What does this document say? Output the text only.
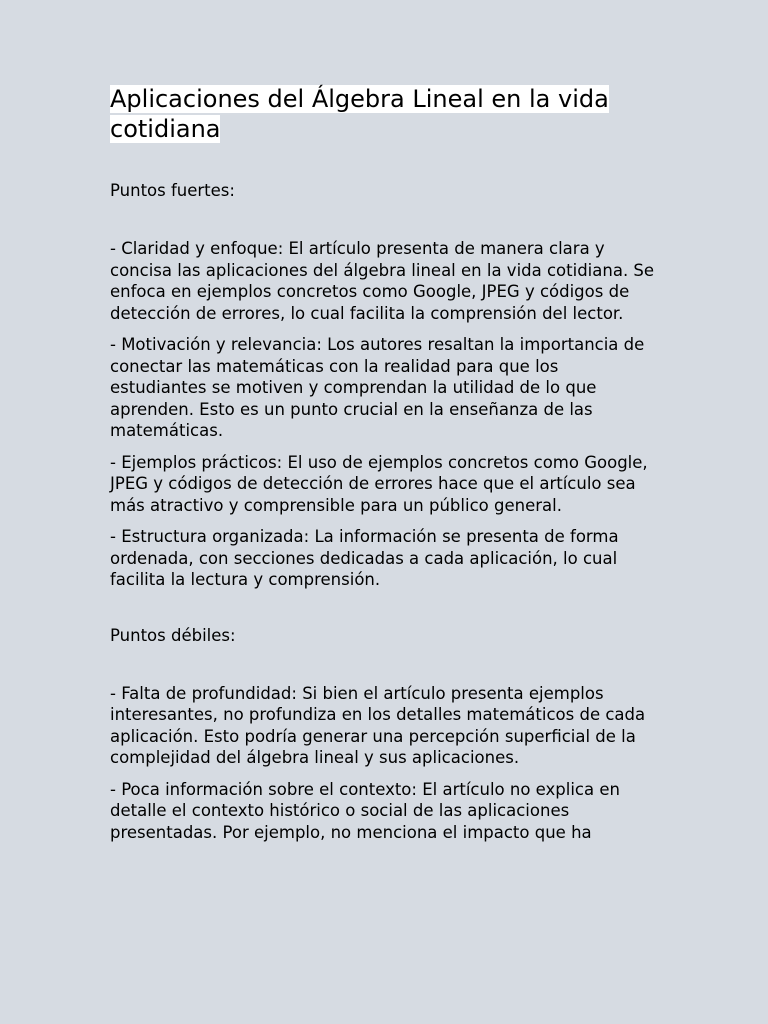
Aplicaciones del Álgebra Lineal en la vida cotidiana
Puntos fuertes:
- Claridad y enfoque: El artículo presenta de manera clara y concisa las aplicaciones del álgebra lineal en la vida cotidiana. Se enfoca en ejemplos concretos como Google, JPEG y códigos de detección de errores, lo cual facilita la comprensión del lector.
- Motivación y relevancia: Los autores resaltan la importancia de conectar las matemáticas con la realidad para que los estudiantes se motiven y comprendan la utilidad de lo que aprenden. Esto es un punto crucial en la enseñanza de las matemáticas.
- Ejemplos prácticos: El uso de ejemplos concretos como Google, JPEG y códigos de detección de errores hace que el artículo sea más atractivo y comprensible para un público general.
- Estructura organizada: La información se presenta de forma ordenada, con secciones dedicadas a cada aplicación, lo cual facilita la lectura y comprensión.
Puntos débiles:
- Falta de profundidad: Si bien el artículo presenta ejemplos interesantes, no profundiza en los detalles matemáticos de cada aplicación. Esto podría generar una percepción superficial de la complejidad del álgebra lineal y sus aplicaciones.
- Poca información sobre el contexto: El artículo no explica en detalle el contexto histórico o social de las aplicaciones presentadas. Por ejemplo, no menciona el impacto que ha
